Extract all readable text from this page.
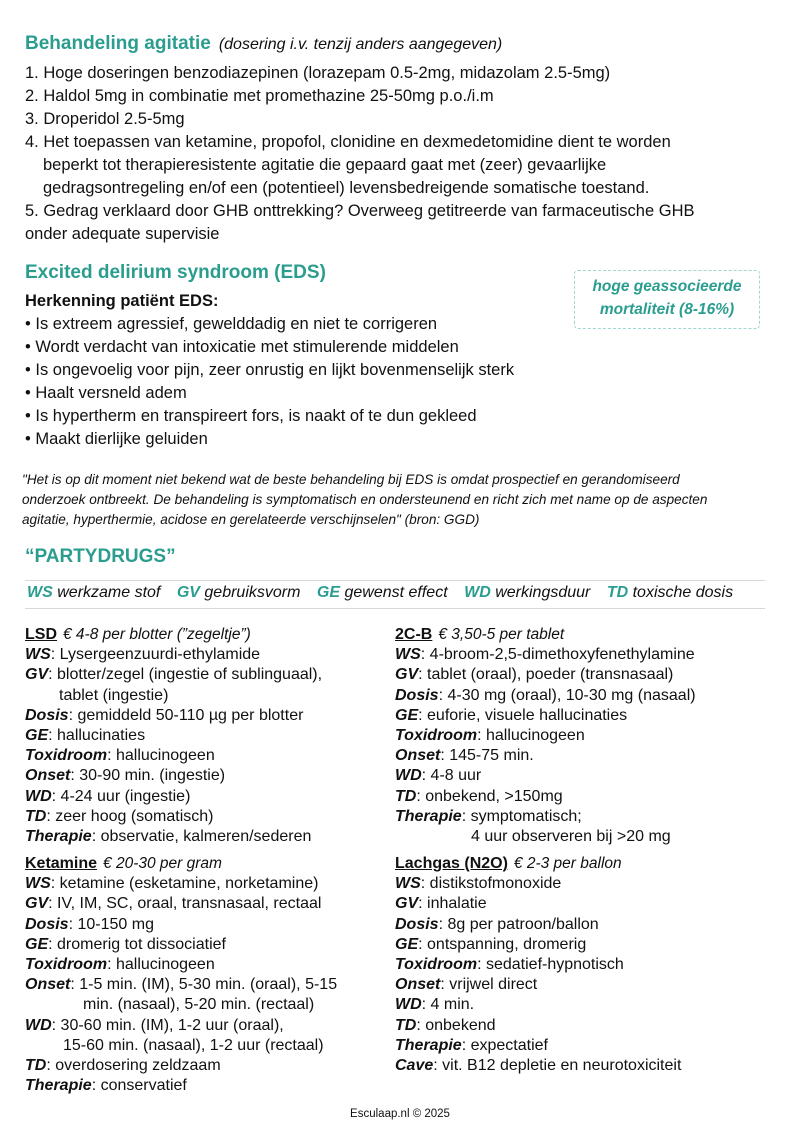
Behandeling agitatie (dosering i.v. tenzij anders aangegeven)

1. Hoge doseringen benzodiazepinen (lorazepam 0.5-2mg, midazolam 2.5-5mg)

2. Haldol 5mg in combinatie met promethazine 25-50mg p.o./i.m

3. Droperidol 2.5-5mg

4. Het toepassen van ketamine, propofol, clonidine en dexmedetomidine dient te worden

beperkt tot therapieresistente agitatie die gepaard gaat met (zeer) gevaarlijke

gedragsontregeling en/of een (potentieel) levensbedreigende somatische toestand.

5. Gedrag verklaard door GHB onttrekking? Overweeg getitreerde van farmaceutische GHB

onder adequate supervisie

Excited delirium syndroom (EDS)
hoge geassocieerde
mortaliteit (8-16%)
Herkenning patiënt EDS:
• Is extreem agressief, gewelddadig en niet te corrigeren
• Wordt verdacht van intoxicatie met stimulerende middelen
• Is ongevoelig voor pijn, zeer onrustig en lijkt bovenmenselijk sterk
• Haalt versneld adem
• Is hypertherm en transpireert fors, is naakt of te dun gekleed
• Maakt dierlijke geluiden
"Het is op dit moment niet bekend wat de beste behandeling bij EDS is omdat prospectief en gerandomiseerd
onderzoek ontbreekt. De behandeling is symptomatisch en ondersteunend en richt zich met name op de aspecten
agitatie, hyperthermie, acidose en gerelateerde verschijnselen" (bron: GGD)
“PARTYDRUGS”
WS werkzame stof GV gebruiksvorm GE gewenst effect WD werkingsduur TD toxische dosis
LSD € 4-8 per blotter (”zegeltje”)
WS: Lysergeenzuurdi-ethylamide
GV: blotter/zegel (ingestie of sublinguaal),
tablet (ingestie)
Dosis: gemiddeld 50-110 µg per blotter
GE: hallucinaties
Toxidroom: hallucinogeen
Onset: 30-90 min. (ingestie)
WD: 4-24 uur (ingestie)
TD: zeer hoog (somatisch)
Therapie: observatie, kalmeren/sederen
Ketamine € 20-30 per gram
WS: ketamine (esketamine, norketamine)
GV: IV, IM, SC, oraal, transnasaal, rectaal
Dosis: 10-150 mg
GE: dromerig tot dissociatief
Toxidroom: hallucinogeen
Onset: 1-5 min. (IM), 5-30 min. (oraal), 5-15
min. (nasaal), 5-20 min. (rectaal)
WD: 30-60 min. (IM), 1-2 uur (oraal),
15-60 min. (nasaal), 1-2 uur (rectaal)
TD: overdosering zeldzaam
Therapie: conservatief
2C-B € 3,50-5 per tablet
WS: 4-broom-2,5-dimethoxyfenethylamine
GV: tablet (oraal), poeder (transnasaal)
Dosis: 4-30 mg (oraal), 10-30 mg (nasaal)
GE: euforie, visuele hallucinaties
Toxidroom: hallucinogeen
Onset: 145-75 min.
WD: 4-8 uur
TD: onbekend, >150mg
Therapie: symptomatisch;
4 uur observeren bij >20 mg
Lachgas (N2O) € 2-3 per ballon
WS: distikstofmonoxide
GV: inhalatie
Dosis: 8g per patroon/ballon
GE: ontspanning, dromerig
Toxidroom: sedatief-hypnotisch
Onset: vrijwel direct
WD: 4 min.
TD: onbekend
Therapie: expectatief
Cave: vit. B12 depletie en neurotoxiciteit
Esculaap.nl © 2025
